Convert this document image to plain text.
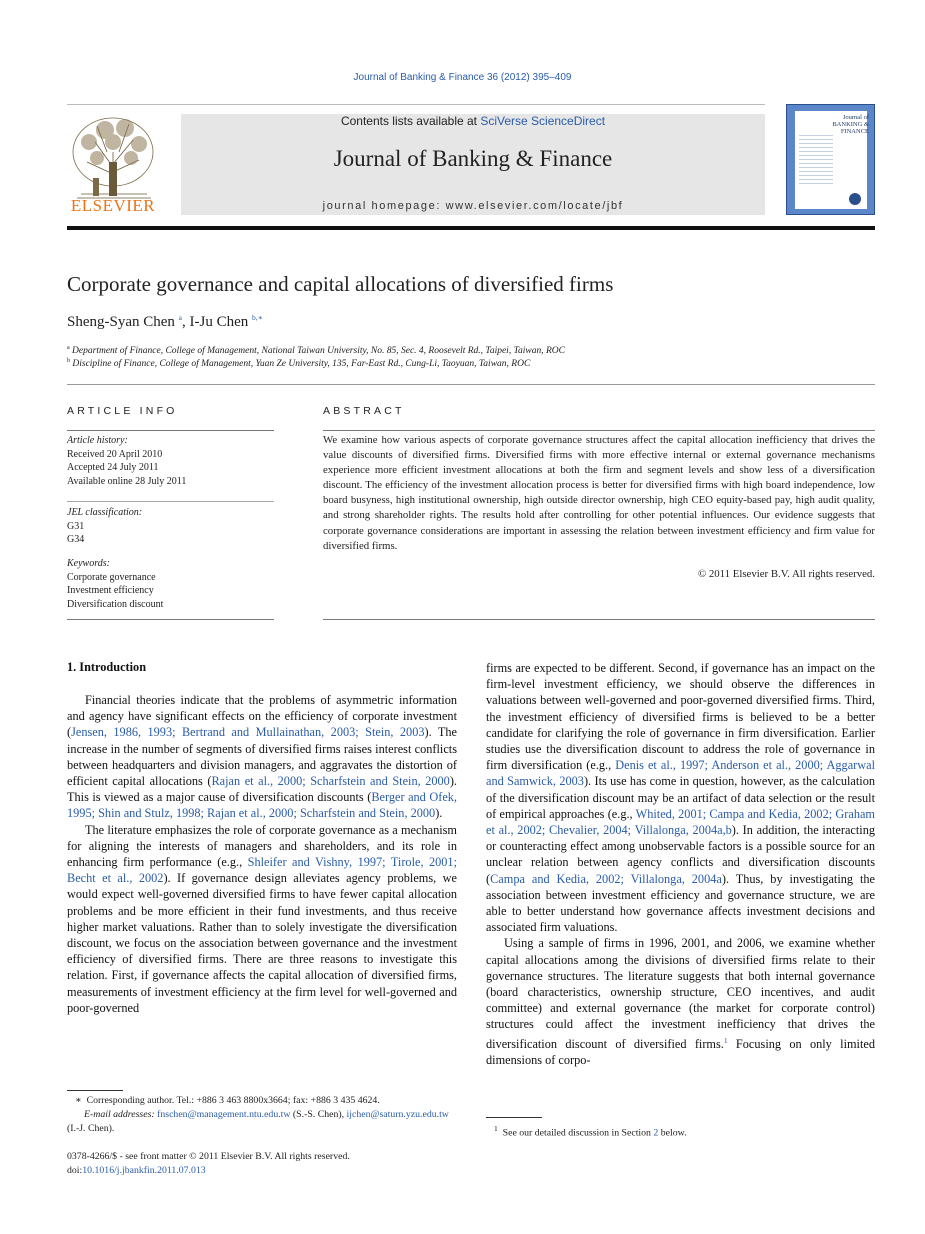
Journal of Banking & Finance 36 (2012) 395–409
ELSEVIER
Contents lists available at SciVerse ScienceDirect
Journal of Banking & Finance
journal homepage: www.elsevier.com/locate/jbf
Journal of BANKING & FINANCE
Corporate governance and capital allocations of diversified firms
Sheng-Syan Chen $^a$, I-Ju Chen $^{b,∗}$
$^a$ Department of Finance, College of Management, National Taiwan University, No. 85, Sec. 4, Roosevelt Rd., Taipei, Taiwan, ROC
$^b$ Discipline of Finance, College of Management, Yuan Ze University, 135, Far-East Rd., Cung-Li, Taoyuan, Taiwan, ROC
ARTICLE INFO
Article history:
Received 20 April 2010
Accepted 24 July 2011
Available online 28 July 2011
JEL classification:
G31
G34
Keywords:
Corporate governance
Investment efficiency
Diversification discount
ABSTRACT
We examine how various aspects of corporate governance structures affect the capital allocation inefficiency that drives the value discounts of diversified firms. Diversified firms with more effective internal or external governance mechanisms experience more efficient investment allocations at both the firm and segment levels and show less of a diversification discount. The efficiency of the investment allocation process is better for diversified firms with high board independence, low board busyness, high institutional ownership, high outside director ownership, high CEO equity-based pay, high audit quality, and strong shareholder rights. The results hold after controlling for other potential influences. Our evidence suggests that corporate governance considerations are important in assessing the relation between investment efficiency and firm value for diversified firms.
© 2011 Elsevier B.V. All rights reserved.
1. Introduction

Financial theories indicate that the problems of asymmetric information and agency have significant effects on the efficiency of corporate investment (Jensen, 1986, 1993; Bertrand and Mullainathan, 2003; Stein, 2003). The increase in the number of segments of diversified firms raises interest conflicts between headquarters and division managers, and aggravates the distortion of efficient capital allocations (Rajan et al., 2000; Scharfstein and Stein, 2000). This is viewed as a major cause of diversification discounts (Berger and Ofek, 1995; Shin and Stulz, 1998; Rajan et al., 2000; Scharfstein and Stein, 2000).

The literature emphasizes the role of corporate governance as a mechanism for aligning the interests of managers and shareholders, and its role in enhancing firm performance (e.g., Shleifer and Vishny, 1997; Tirole, 2001; Becht et al., 2002). If governance design alleviates agency problems, we would expect well-governed diversified firms to have fewer capital allocation problems and be more efficient in their fund investments, and thus receive higher market valuations. Rather than to solely investigate the diversification discount, we focus on the association between governance and the investment efficiency of diversified firms. There are three reasons to investigate this relation. First, if governance affects the capital allocation of diversified firms, measurements of investment efficiency at the firm level for well-governed and poor-governed

firms are expected to be different. Second, if governance has an impact on the firm-level investment efficiency, we should observe the differences in valuations between well-governed and poor-governed diversified firms. Third, the investment efficiency of diversified firms is believed to be a better candidate for clarifying the role of governance in firm diversification. Earlier studies use the diversification discount to address the role of governance in firm diversification (e.g., Denis et al., 1997; Anderson et al., 2000; Aggarwal and Samwick, 2003). Its use has come in question, however, as the calculation of the diversification discount may be an artifact of data selection or the result of empirical approaches (e.g., Whited, 2001; Campa and Kedia, 2002; Graham et al., 2002; Chevalier, 2004; Villalonga, 2004a,b). In addition, the interacting or counteracting effect among unobservable factors is a possible source for an unclear relation between agency conflicts and diversification discounts (Campa and Kedia, 2002; Villalonga, 2004a). Thus, by investigating the association between investment efficiency and governance structure, we are able to better understand how governance affects investment decisions and associated firm valuations.

Using a sample of firms in 1996, 2001, and 2006, we examine whether capital allocations among the divisions of diversified firms relate to their governance structures. The literature suggests that both internal governance (board characteristics, ownership structure, CEO incentives, and audit committee) and external governance (the market for corporate control) structures could affect the investment inefficiency that drives the diversification discount of diversified firms.$^1$ Focusing on only limited dimensions of corpo-

∗ Corresponding author. Tel.: +886 3 463 8800x3664; fax: +886 3 435 4624.
E-mail addresses: fnschen@management.ntu.edu.tw (S.-S. Chen), ijchen@saturn.yzu.edu.tw (I.-J. Chen).
0378-4266/$ - see front matter © 2011 Elsevier B.V. All rights reserved.
doi:10.1016/j.jbankfin.2011.07.013
$^1$ See our detailed discussion in Section 2 below.
